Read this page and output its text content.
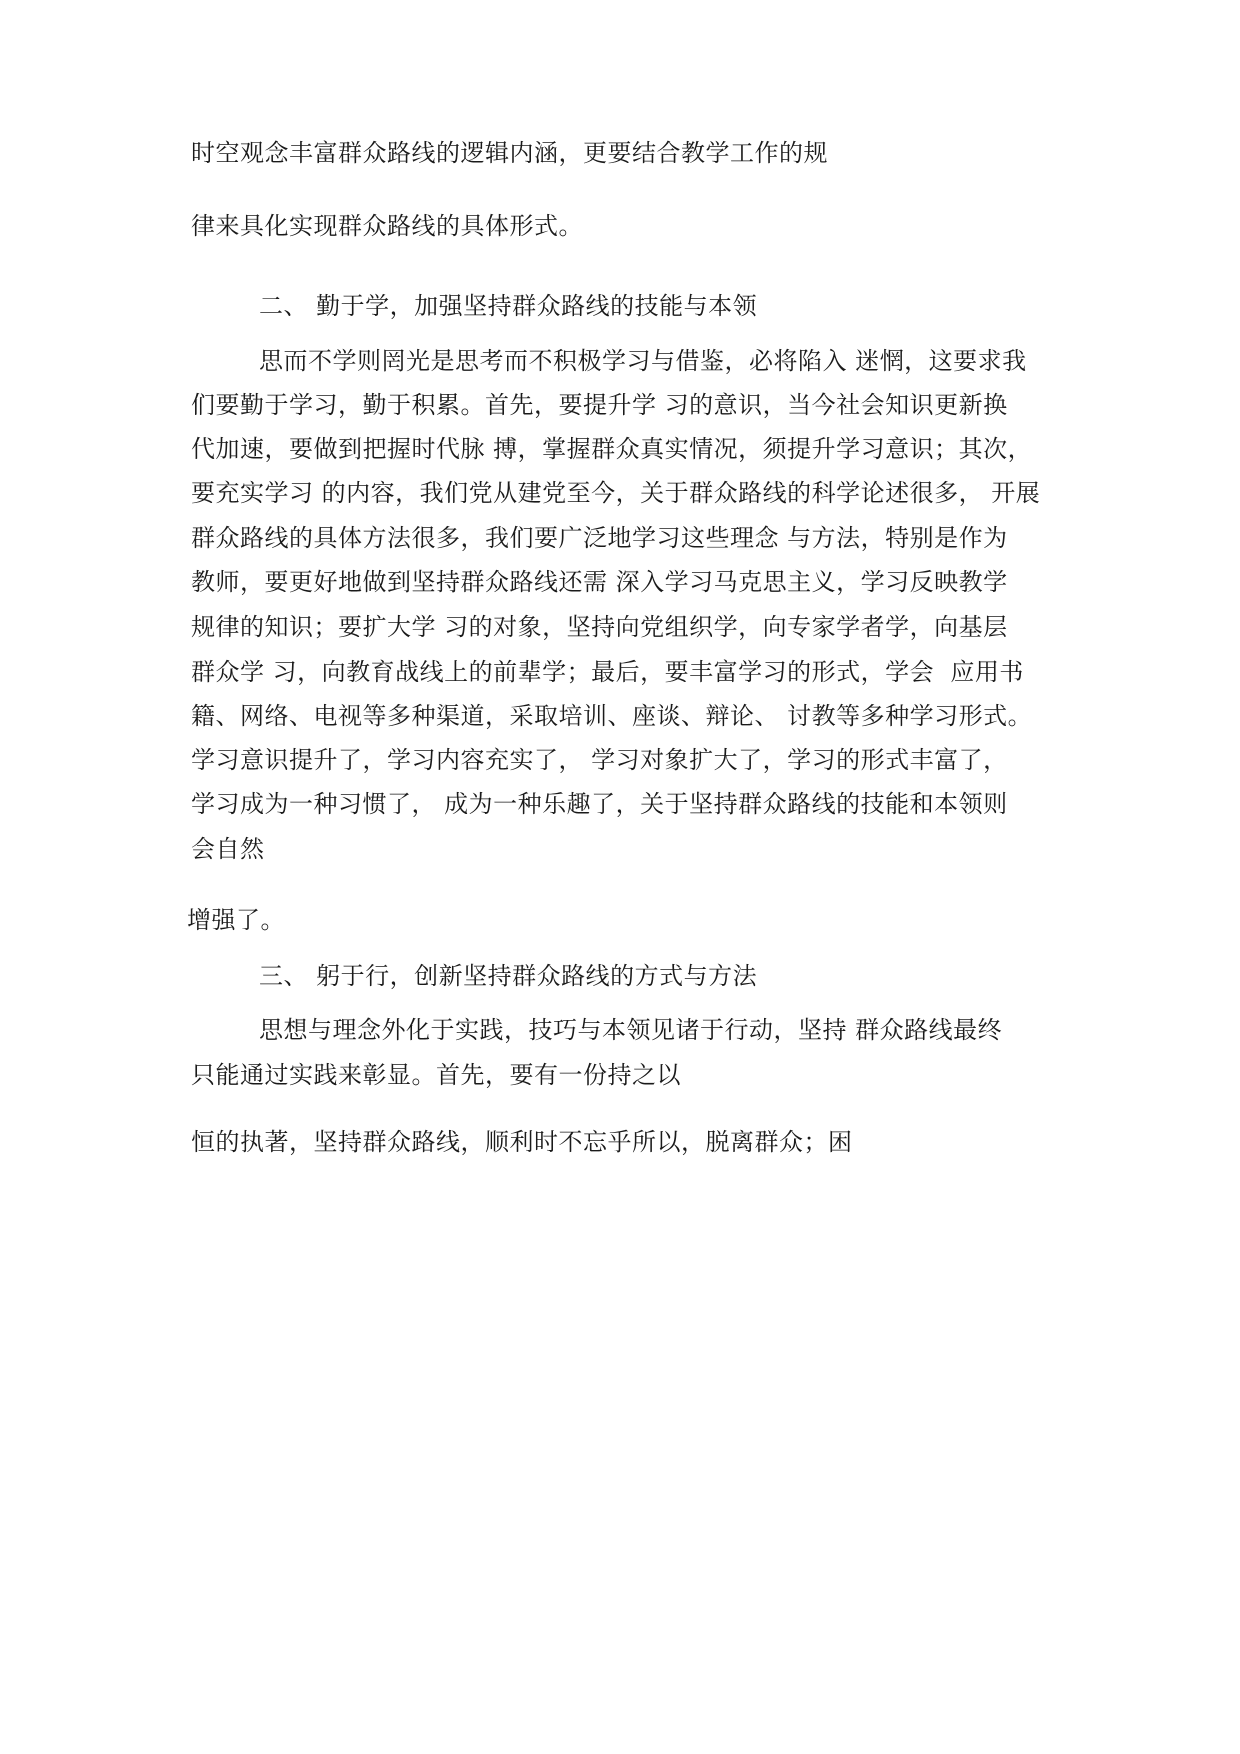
时空观念丰富群众路线的逻辑内涵，更要结合教学工作的规
律来具化实现群众路线的具体形式。
二、 勤于学，加强坚持群众路线的技能与本领
思而不学则罔光是思考而不积极学习与借鉴，必将陷入 迷惘，这要求我
们要勤于学习，勤于积累。首先，要提升学 习的意识，当今社会知识更新换
代加速，要做到把握时代脉 搏，掌握群众真实情况，须提升学习意识；其次，
要充实学习 的内容，我们党从建党至今，关于群众路线的科学论述很多， 开展
群众路线的具体方法很多，我们要广泛地学习这些理念 与方法，特别是作为
教师，要更好地做到坚持群众路线还需 深入学习马克思主义，学习反映教学
规律的知识；要扩大学 习的对象，坚持向党组织学，向专家学者学，向基层
群众学 习，向教育战线上的前辈学；最后，要丰富学习的形式，学会  应用书
籍、网络、电视等多种渠道，采取培训、座谈、辩论、 讨教等多种学习形式。
学习意识提升了，学习内容充实了， 学习对象扩大了，学习的形式丰富了，
学习成为一种习惯了， 成为一种乐趣了，关于坚持群众路线的技能和本领则
会自然
增强了。
三、 躬于行，创新坚持群众路线的方式与方法
思想与理念外化于实践，技巧与本领见诸于行动，坚持 群众路线最终
只能通过实践来彰显。首先，要有一份持之以
恒的执著，坚持群众路线，顺利时不忘乎所以，脱离群众；困
